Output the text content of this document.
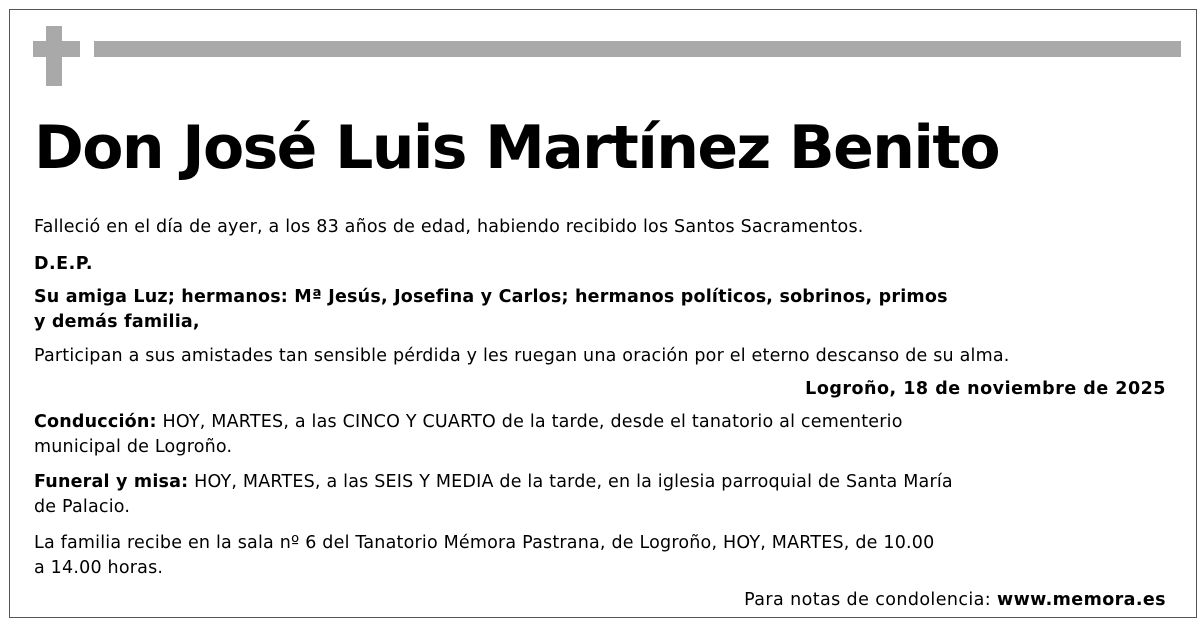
Don José Luis Martínez Benito

Falleció en el día de ayer, a los 83 años de edad, habiendo recibido los Santos Sacramentos.

D.E.P.

Su amiga Luz; hermanos: Mª Jesús, Josefina y Carlos; hermanos políticos, sobrinos, primos

y demás familia,

Participan a sus amistades tan sensible pérdida y les ruegan una oración por el eterno descanso de su alma.

Logroño, 18 de noviembre de 2025

Conducción: HOY, MARTES, a las CINCO Y CUARTO de la tarde, desde el tanatorio al cementerio

municipal de Logroño.

Funeral y misa: HOY, MARTES, a las SEIS Y MEDIA de la tarde, en la iglesia parroquial de Santa María

de Palacio.

La familia recibe en la sala nº 6 del Tanatorio Mémora Pastrana, de Logroño, HOY, MARTES, de 10.00

a 14.00 horas.

Para notas de condolencia: www.memora.es
